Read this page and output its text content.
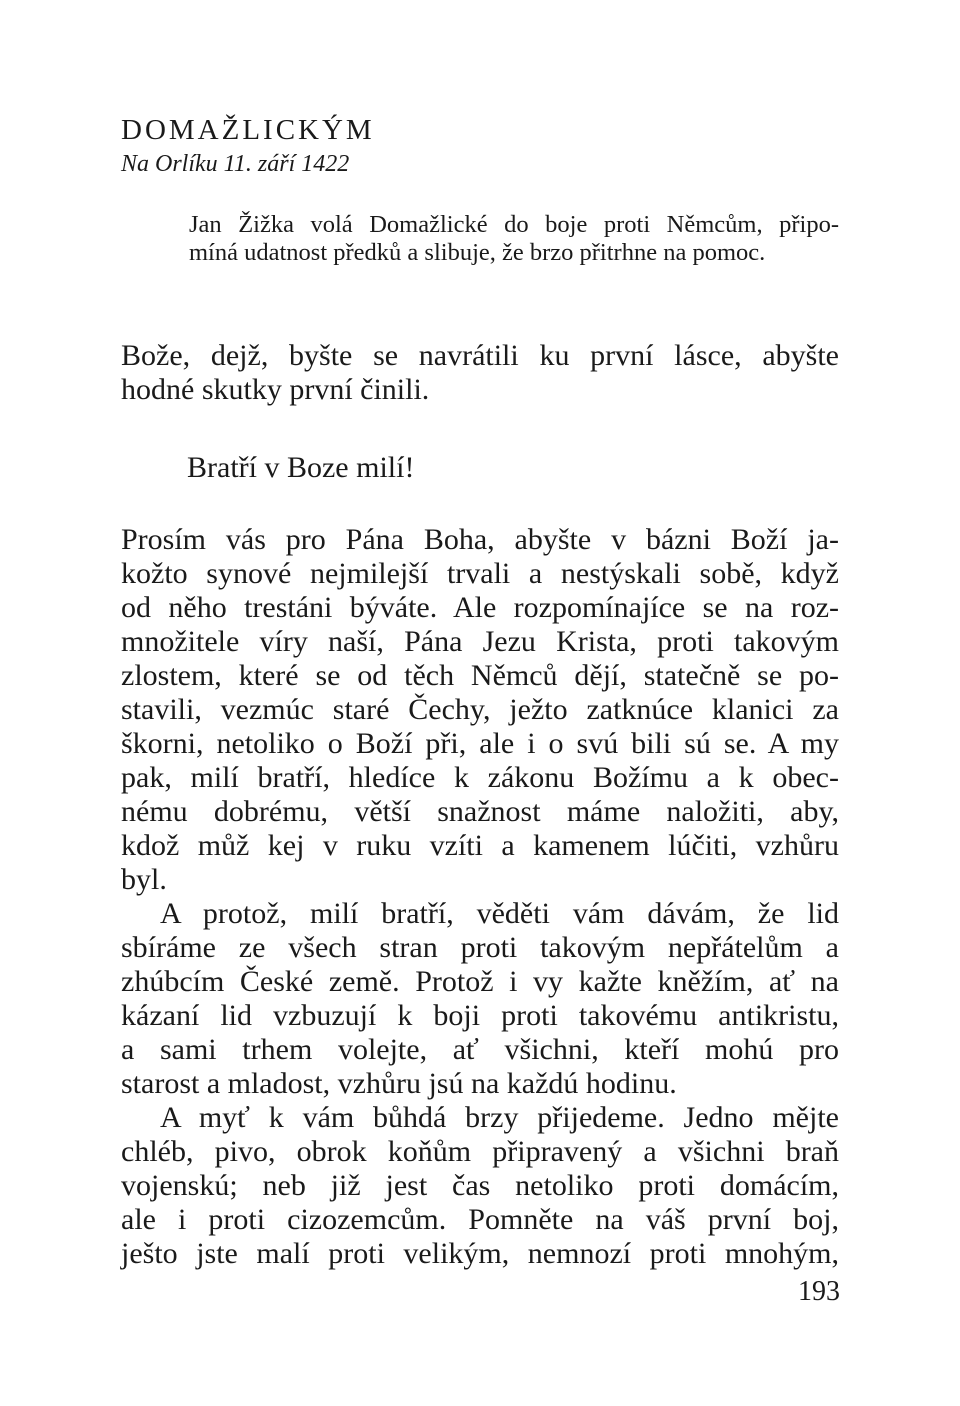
DOMAŽLICKÝM
Na Orlíku 11. září 1422
Jan Žižka volá Domažlické do boje proti Němcům, připo-
míná udatnost předků a slibuje, že brzo přitrhne na pomoc.
Bože, dejž, byšte se navrátili ku první lásce, abyšte
hodné skutky první činili.
Bratří v Boze milí!
Prosím vás pro Pána Boha, abyšte v bázni Boží ja-
kožto synové nejmilejší trvali a nestýskali sobě, když
od něho trestáni býváte. Ale rozpomínajíce se na roz-
množitele víry naší, Pána Jezu Krista, proti takovým
zlostem, které se od těch Němců dějí, statečně se po-
stavili, vezmúc staré Čechy, ježto zatknúce klanici za
škorni, netoliko o Boží při, ale i o svú bili sú se. A my
pak, milí bratří, hledíce k zákonu Božímu a k obec-
nému dobrému, větší snažnost máme naložiti, aby,
kdož můž kej v ruku vzíti a kamenem lúčiti, vzhůru
byl.
A protož, milí bratří, věděti vám dávám, že lid
sbíráme ze všech stran proti takovým nepřátelům a
zhúbcím České země. Protož i vy kažte kněžím, ať na
kázaní lid vzbuzují k boji proti takovému antikristu,
a sami trhem volejte, ať všichni, kteří mohú pro
starost a mladost, vzhůru jsú na každú hodinu.
A myť k vám bůhdá brzy přijedeme. Jedno mějte
chléb, pivo, obrok koňům připravený a všichni braň
vojenskú; neb již jest čas netoliko proti domácím,
ale i proti cizozemcům. Pomněte na váš první boj,
ješto jste malí proti velikým, nemnozí proti mnohým,
193
